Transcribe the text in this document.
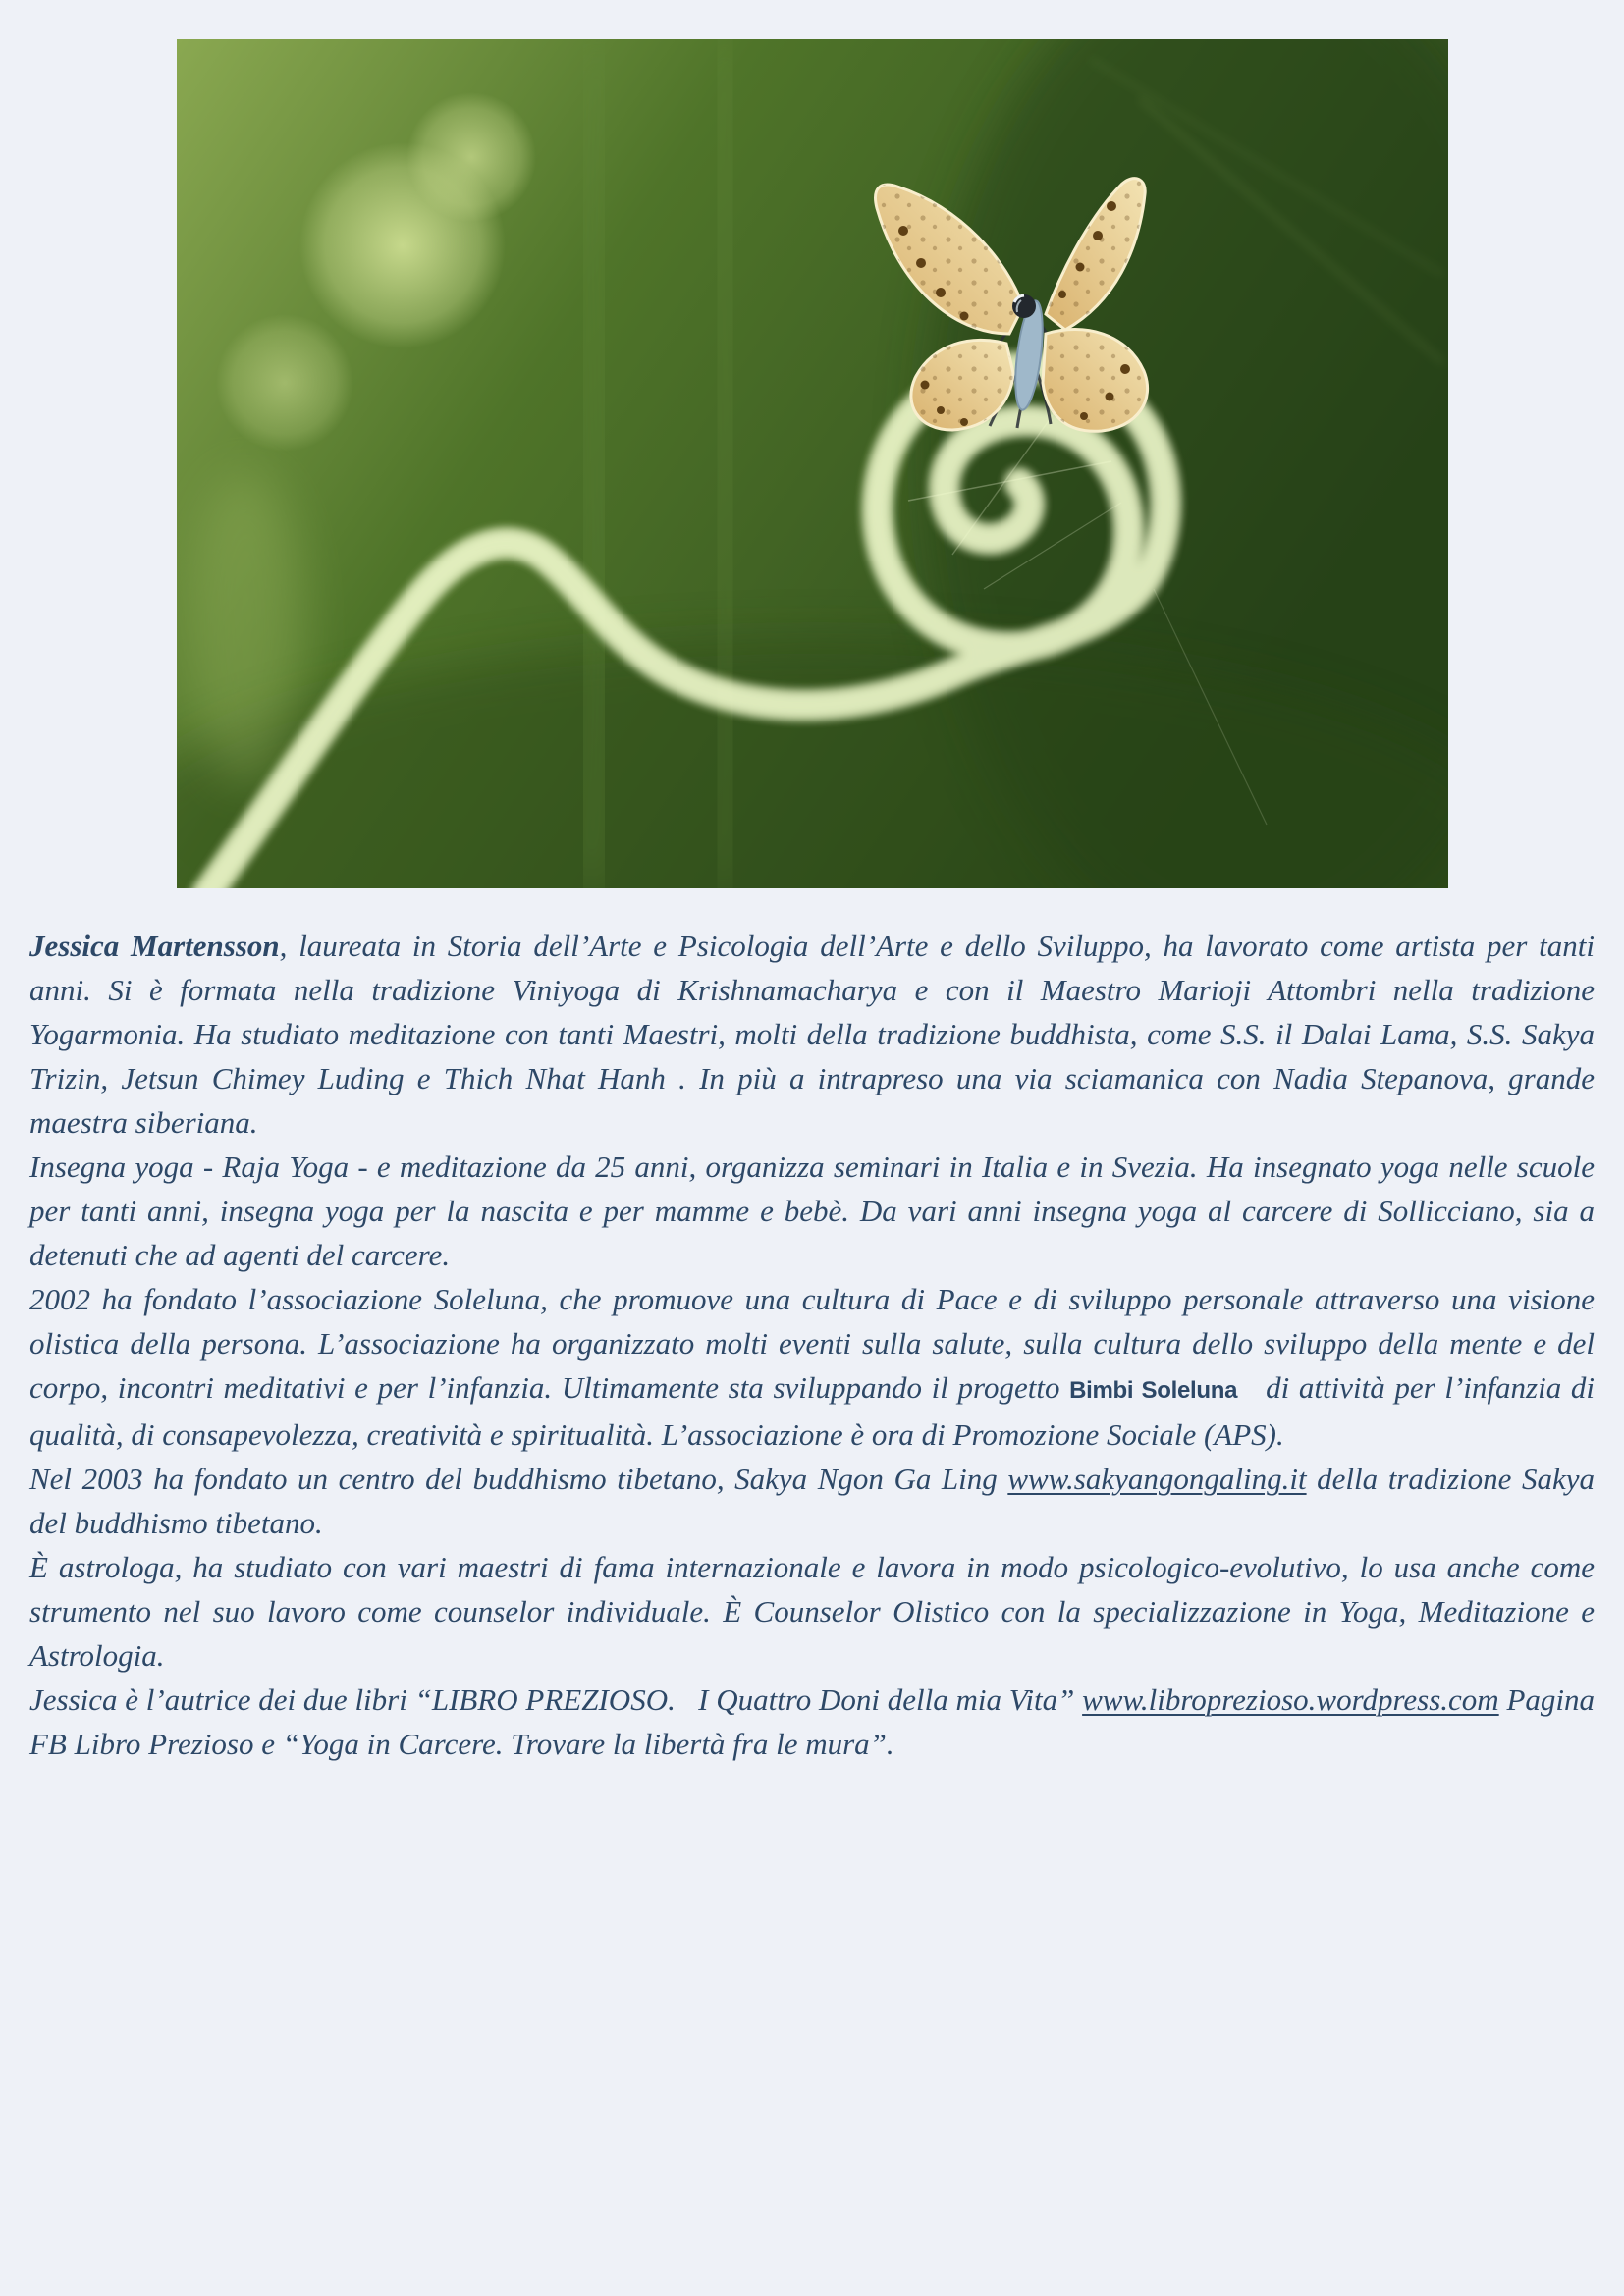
Jessica Martensson, laureata in Storia dell’Arte e Psicologia dell’Arte e dello Sviluppo, ha lavorato come artista per tanti anni. Si è formata nella tradizione Viniyoga di Krishnamacharya e con il Maestro Marioji Attombri nella tradizione Yogarmonia. Ha studiato meditazione con tanti Maestri, molti della tradizione buddhista, come S.S. il Dalai Lama, S.S. Sakya Trizin, Jetsun Chimey Luding e Thich Nhat Hanh . In più a intrapreso una via sciamanica con Nadia Stepanova, grande maestra siberiana.

Insegna yoga - Raja Yoga - e meditazione da 25 anni, organizza seminari in Italia e in Svezia. Ha insegnato yoga nelle scuole per tanti anni, insegna yoga per la nascita e per mamme e bebè. Da vari anni insegna yoga al carcere di Sollicciano, sia a detenuti che ad agenti del carcere.

2002 ha fondato l’associazione Soleluna, che promuove una cultura di Pace e di sviluppo personale attraverso una visione olistica della persona. L’associazione ha organizzato molti eventi sulla salute, sulla cultura dello sviluppo della mente e del corpo, incontri meditativi e per l’infanzia. Ultimamente sta sviluppando il progetto Bimbi Soleluna   di attività per l’infanzia di qualità, di consapevolezza, creatività e spiritualità. L’associazione è ora di Promozione Sociale (APS).

Nel 2003 ha fondato un centro del buddhismo tibetano, Sakya Ngon Ga Ling www.sakyangongaling.it della tradizione Sakya del buddhismo tibetano.

È astrologa, ha studiato con vari maestri di fama internazionale e lavora in modo psicologico-evolutivo, lo usa anche come strumento nel suo lavoro come counselor individuale. È Counselor Olistico con la specializzazione in Yoga, Meditazione e Astrologia.

Jessica è l’autrice dei due libri “LIBRO PREZIOSO.   I Quattro Doni della mia Vita” www.libroprezioso.wordpress.com Pagina FB Libro Prezioso e “Yoga in Carcere. Trovare la libertà fra le mura”.
